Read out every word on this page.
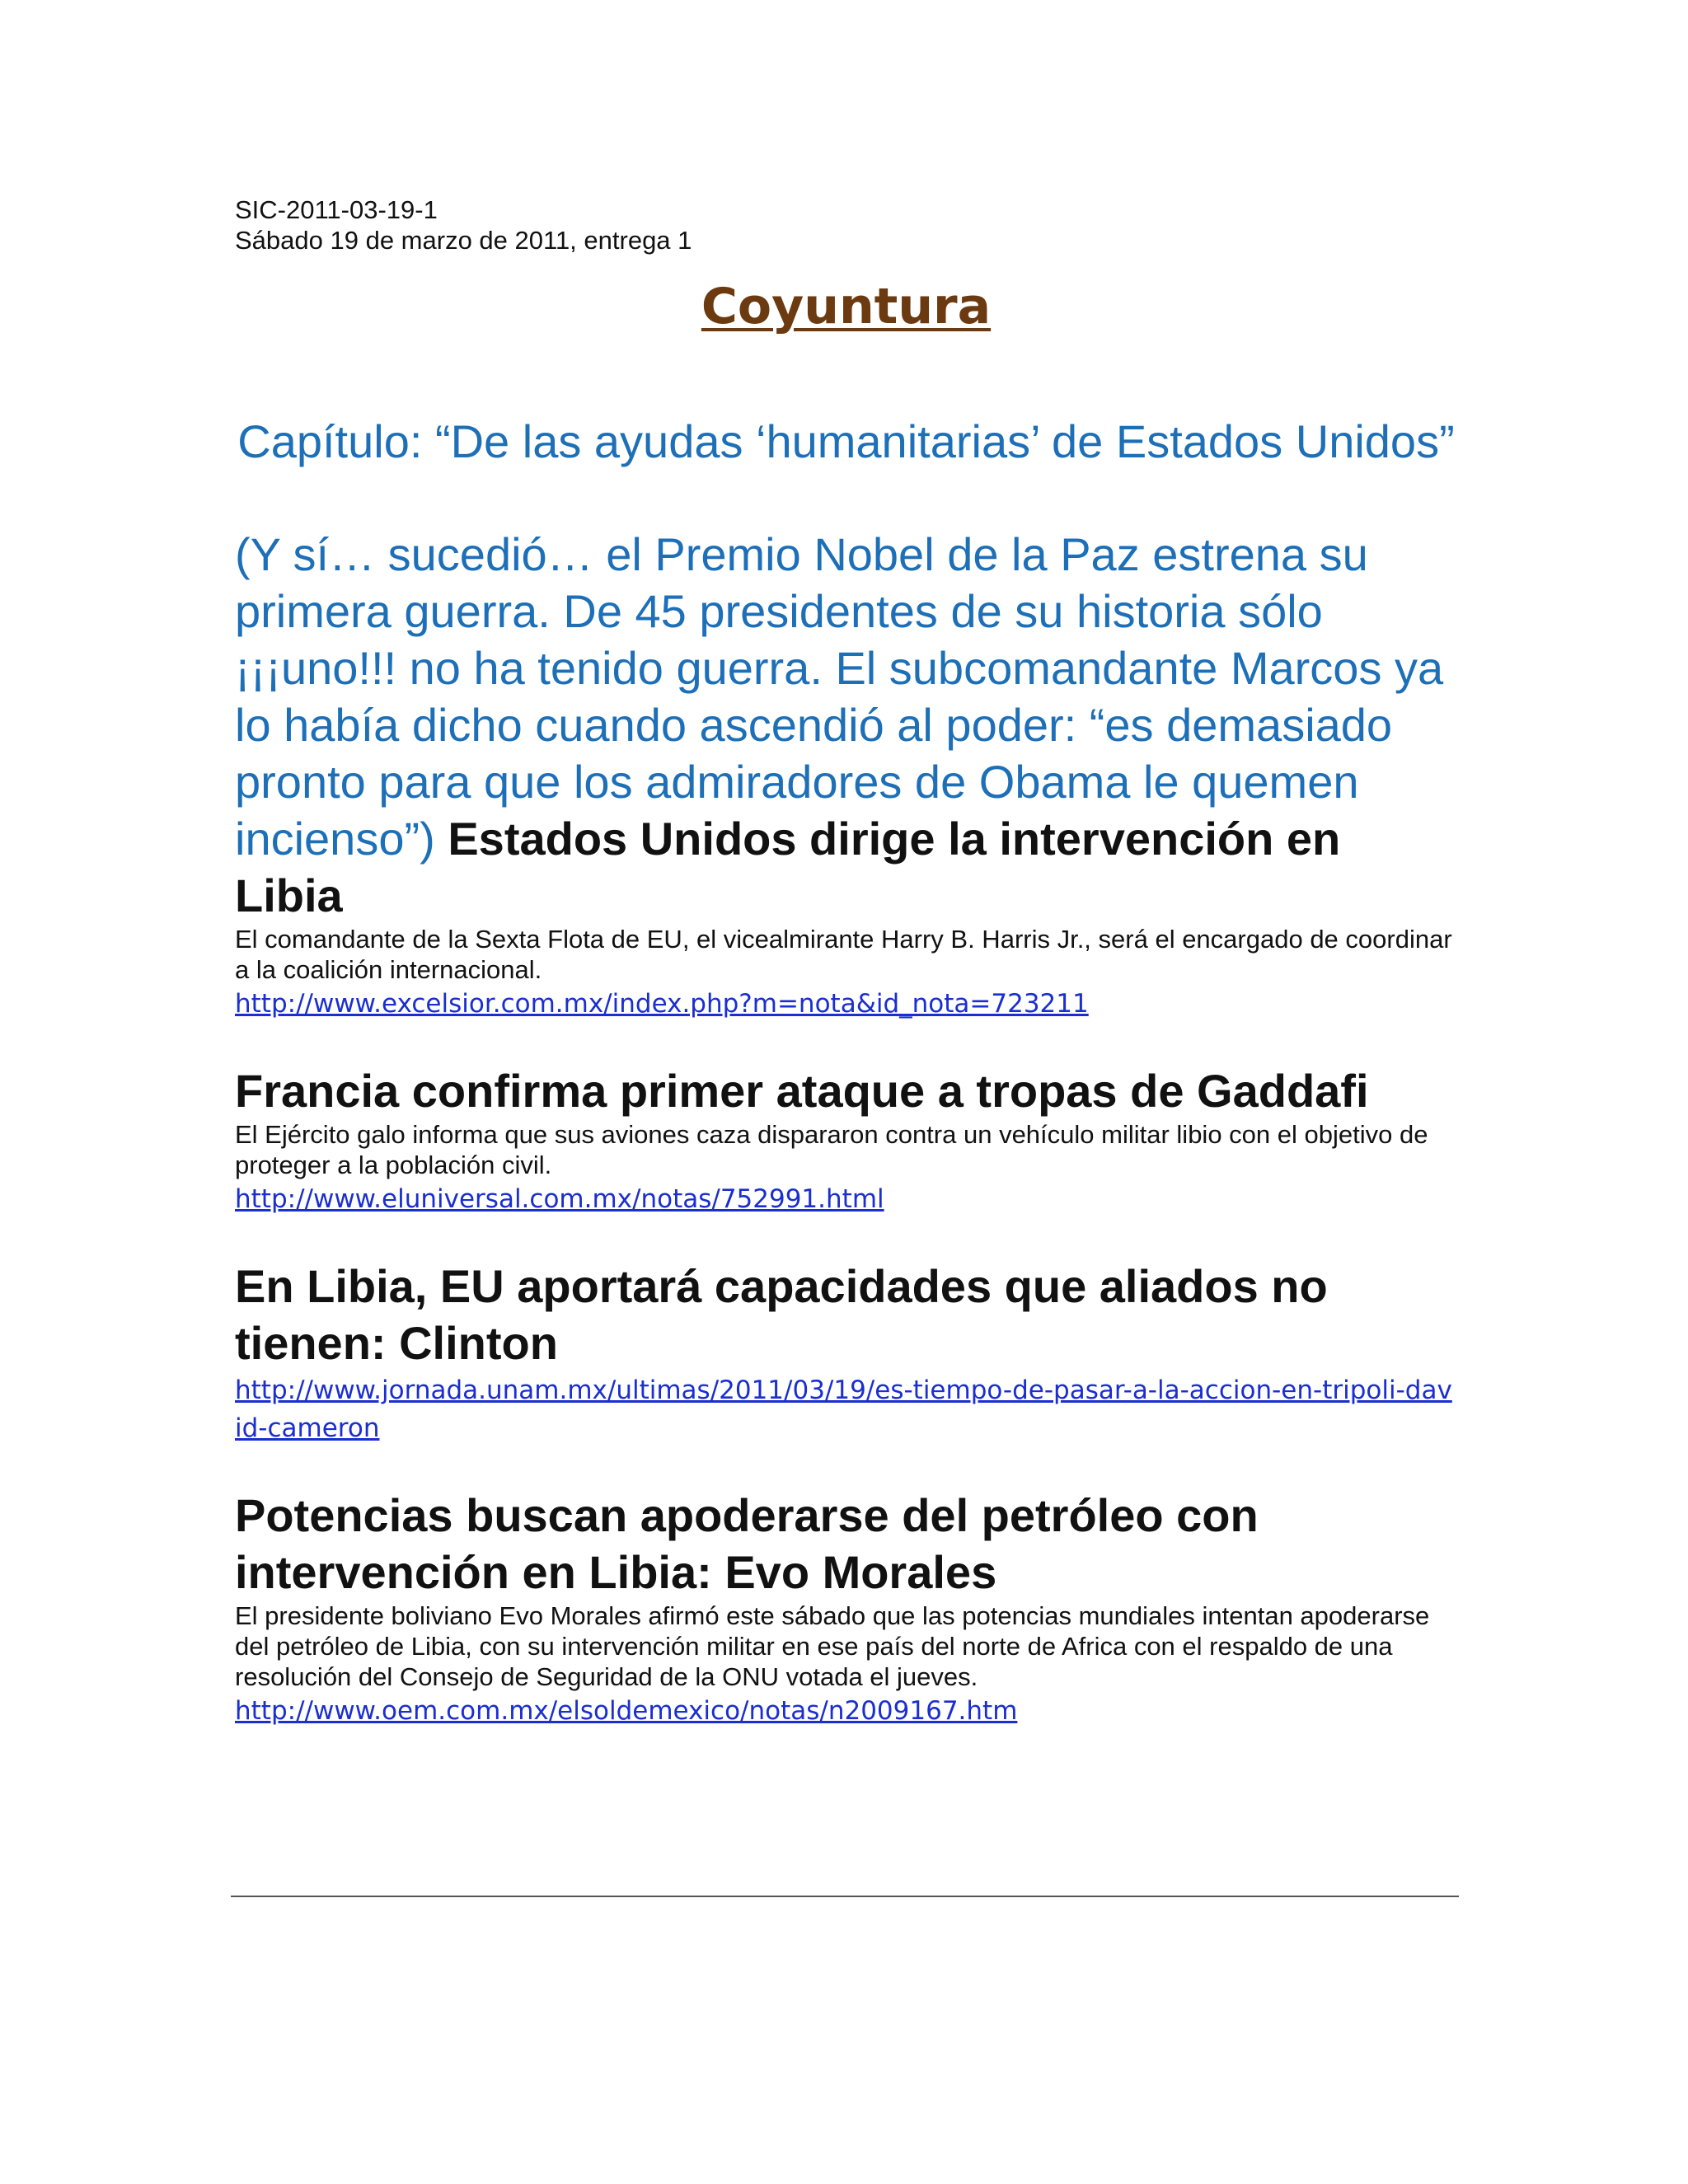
SIC-2011-03-19-1

Sábado 19 de marzo de 2011, entrega 1

Coyuntura
Capítulo: “De las ayudas ‘humanitarias’ de Estados Unidos”
(Y sí… sucedió… el Premio Nobel de la Paz estrena su primera guerra. De 45 presidentes de su historia sólo ¡¡¡uno!!! no ha tenido guerra. El subcomandante Marcos ya lo había dicho cuando ascendió al poder: “es demasiado pronto para que los admiradores de Obama le quemen incienso”) Estados Unidos dirige la intervención en Libia

El comandante de la Sexta Flota de EU, el vicealmirante Harry B. Harris Jr., será el encargado de coordinar a la coalición internacional.

http://www.excelsior.com.mx/index.php?m=nota&id_nota=723211
Francia confirma primer ataque a tropas de Gaddafi

El Ejército galo informa que sus aviones caza dispararon contra un vehículo militar libio con el objetivo de proteger a la población civil.

http://www.eluniversal.com.mx/notas/752991.html
En Libia, EU aportará capacidades que aliados no tienen: Clinton
http://www.jornada.unam.mx/ultimas/2011/03/19/es-tiempo-de-pasar-a-la-accion-en-tripoli-david-cameron
Potencias buscan apoderarse del petróleo con intervención en Libia: Evo Morales

El presidente boliviano Evo Morales afirmó este sábado que las potencias mundiales intentan apoderarse del petróleo de Libia, con su intervención militar en ese país del norte de Africa con el respaldo de una resolución del Consejo de Seguridad de la ONU votada el jueves.

http://www.oem.com.mx/elsoldemexico/notas/n2009167.htm
